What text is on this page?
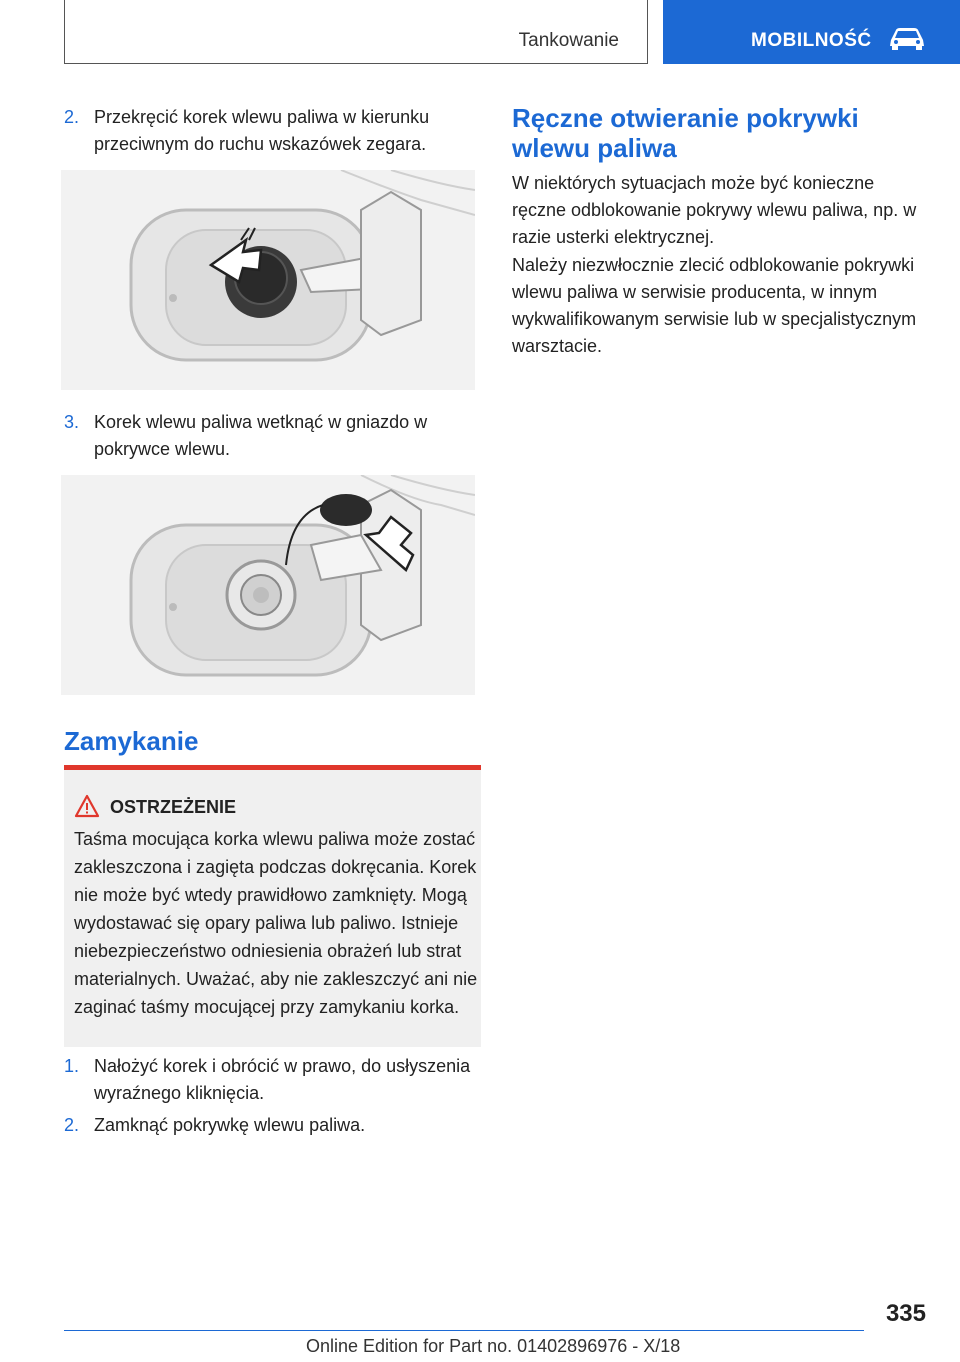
Tankowanie	MOBILNOŚĆ
2. Przekręcić korek wlewu paliwa w kierunku przeciwnym do ruchu wskazówek zegara.
3. Korek wlewu paliwa wetknąć w gniazdo w pokrywce wlewu.
Zamykanie
OSTRZEŻENIE
Taśma mocująca korka wlewu paliwa może zostać zakleszczona i zagięta podczas dokręcania. Korek nie może być wtedy prawidłowo zamknięty. Mogą wydostawać się opary paliwa lub paliwo. Istnieje niebezpieczeństwo odniesienia obrażeń lub strat materialnych. Uważać, aby nie zakleszczyć ani nie zaginać taśmy mocującej przy zamykaniu korka.
1. Nałożyć korek i obrócić w prawo, do usłyszenia wyraźnego kliknięcia.
2. Zamknąć pokrywkę wlewu paliwa.
Ręczne otwieranie pokrywki wlewu paliwa

W niektórych sytuacjach może być konieczne ręczne odblokowanie pokrywy wlewu paliwa, np. w razie usterki elektrycznej.

Należy niezwłocznie zlecić odblokowanie pokrywki wlewu paliwa w serwisie producenta, w innym wykwalifikowanym serwisie lub w specjalistycznym warsztacie.

335
Online Edition for Part no. 01402896976 - X/18
